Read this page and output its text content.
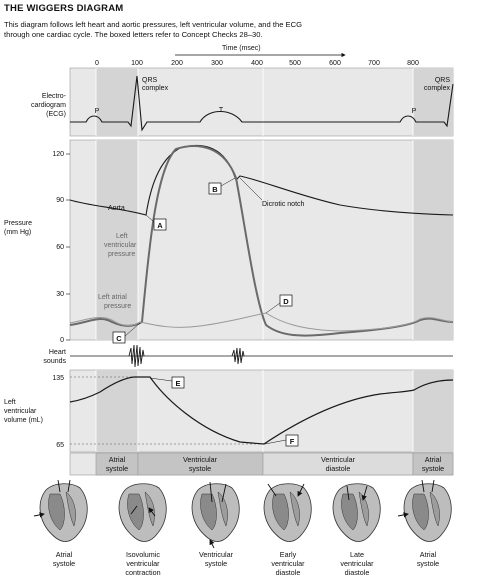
THE WIGGERS DIAGRAM
This diagram follows left heart and aortic pressures, left ventricular volume, and the ECG
through one cardiac cycle. The boxed letters refer to Concept Checks 28–30.
Time (msec)
0	100	200	300	400	500	600	700	800
Electro-
cardiogram
(ECG)	P	T	P
QRS
complex
QRS
complex
120
90
60
30
0
Pressure
(mm Hg)
Aorta
Left
ventricular
pressure
Left atrial
pressure
Dicrotic notch
A
B
C
D
Heart
sounds
135
65
Left
ventricular
volume (mL)
E
F
Atrial
systole
Ventricular
systole
Ventricular
diastole
Atrial
systole
Atrial
systole
Isovolumic
ventricular
contraction
Ventricular
systole
Early
ventricular
diastole
Late
ventricular
diastole
Atrial
systole
